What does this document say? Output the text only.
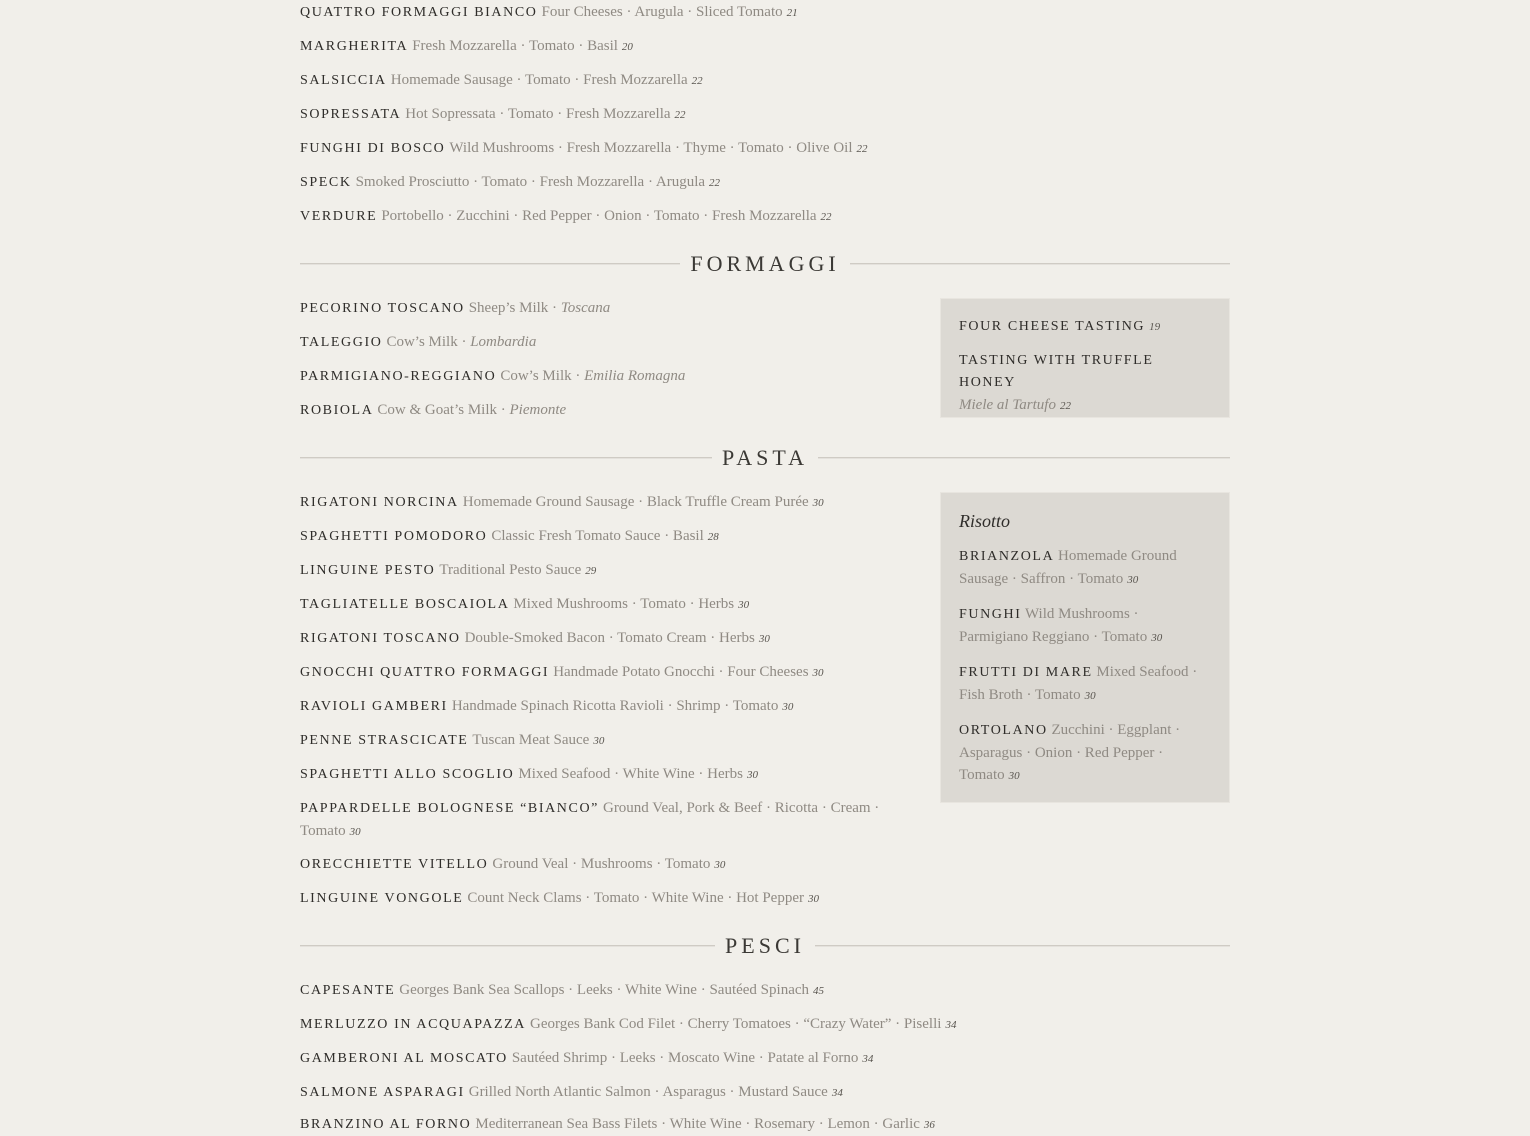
QUATTRO FORMAGGI BIANCO Four Cheeses · Arugula · Sliced Tomato 21
MARGHERITA Fresh Mozzarella · Tomato · Basil 20
SALSICCIA Homemade Sausage · Tomato · Fresh Mozzarella 22
SOPRESSATA Hot Sopressata · Tomato · Fresh Mozzarella 22
FUNGHI DI BOSCO Wild Mushrooms · Fresh Mozzarella · Thyme · Tomato · Olive Oil 22
SPECK Smoked Prosciutto · Tomato · Fresh Mozzarella · Arugula 22
VERDURE Portobello · Zucchini · Red Pepper · Onion · Tomato · Fresh Mozzarella 22
FORMAGGI
PECORINO TOSCANO Sheep’s Milk · Toscana
TALEGGIO Cow’s Milk · Lombardia
PARMIGIANO-REGGIANO Cow’s Milk · Emilia Romagna
ROBIOLA Cow & Goat’s Milk · Piemonte
FOUR CHEESE TASTING 19
TASTING WITH TRUFFLE HONEY
Miele al Tartufo 22
PASTA
RIGATONI NORCINA Homemade Ground Sausage · Black Truffle Cream Purée 30
SPAGHETTI POMODORO Classic Fresh Tomato Sauce · Basil 28
LINGUINE PESTO Traditional Pesto Sauce 29
TAGLIATELLE BOSCAIOLA Mixed Mushrooms · Tomato · Herbs 30
RIGATONI TOSCANO Double-Smoked Bacon · Tomato Cream · Herbs 30
GNOCCHI QUATTRO FORMAGGI Handmade Potato Gnocchi · Four Cheeses 30
RAVIOLI GAMBERI Handmade Spinach Ricotta Ravioli · Shrimp · Tomato 30
PENNE STRASCICATE Tuscan Meat Sauce 30
SPAGHETTI ALLO SCOGLIO Mixed Seafood · White Wine · Herbs 30
PAPPARDELLE BOLOGNESE “BIANCO” Ground Veal, Pork & Beef · Ricotta · Cream · Tomato 30
ORECCHIETTE VITELLO Ground Veal · Mushrooms · Tomato 30
LINGUINE VONGOLE Count Neck Clams · Tomato · White Wine · Hot Pepper 30
Risotto
BRIANZOLA Homemade Ground Sausage · Saffron · Tomato 30
FUNGHI Wild Mushrooms · Parmigiano Reggiano · Tomato 30
FRUTTI DI MARE Mixed Seafood · Fish Broth · Tomato 30
ORTOLANO Zucchini · Eggplant · Asparagus · Onion · Red Pepper · Tomato 30
PESCI
CAPESANTE Georges Bank Sea Scallops · Leeks · White Wine · Sautéed Spinach 45
MERLUZZO IN ACQUAPAZZA Georges Bank Cod Filet · Cherry Tomatoes · “Crazy Water” · Piselli 34
GAMBERONI AL MOSCATO Sautéed Shrimp · Leeks · Moscato Wine · Patate al Forno 34
SALMONE ASPARAGI Grilled North Atlantic Salmon · Asparagus · Mustard Sauce 34
BRANZINO AL FORNO Mediterranean Sea Bass Filets · White Wine · Rosemary · Lemon · Garlic 36
